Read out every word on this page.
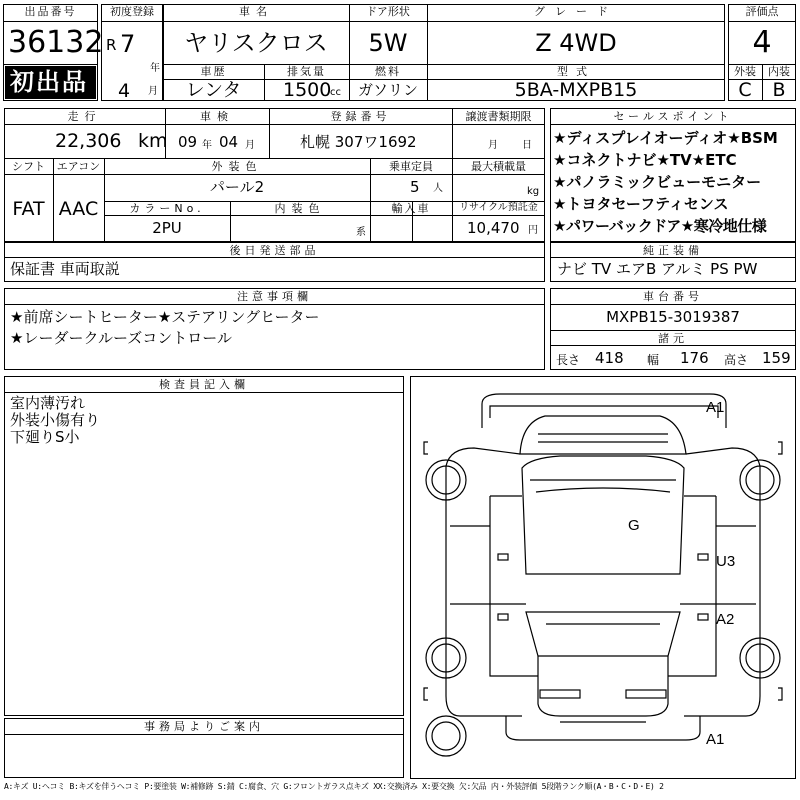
出品番号
36132
初出品
初度登録
R 7
年
4 月
車名
ヤリスクロス
ドア形状
5W
グレード
Z 4WD
車歴
レンタ
排気量
1500
cc
燃料
ガソリン
型式
5BA-MXPB15
評価点
4
外装	内装
C	B
走行
22,306 km
車検
09 年 04 月
登録番号
札幌 307ワ1692
譲渡書類期限
月 日
シフト
FAT
エアコン
AAC
外装色
パール2
乗車定員
5 人
最大積載量
kg
カラーNo.
2PU
内装色
系
輸入車	リサイクル預託金
10,470 円
セールスポイント
★ディスプレイオーディオ★BSM
★コネクトナビ★TV★ETC
★パノラミックビューモニター
★トヨタセーフティセンス
★パワーバックドア★寒冷地仕様
後日発送部品
保証書 車両取説
純正装備
ナビ TV エアB アルミ PS PW
注意事項欄
★前席シートヒーター★ステアリングヒーター
★レーダークルーズコントロール
車台番号
MXPB15-3019387
諸元
長さ 418 幅 176 高さ 159
検査員記入欄
室内薄汚れ
外装小傷有り
下廻りS小
事務局よりご案内
A1
G
U3
A2
A1
A:キズ U:ヘコミ B:キズを伴うヘコミ P:要塗装 W:補修跡 S:錆 C:腐食、穴 G:フロントガラス点キズ XX:交換済み X:要交換 欠:欠品 内・外装評価 5段階ランク順(A・B・C・D・E) 2
